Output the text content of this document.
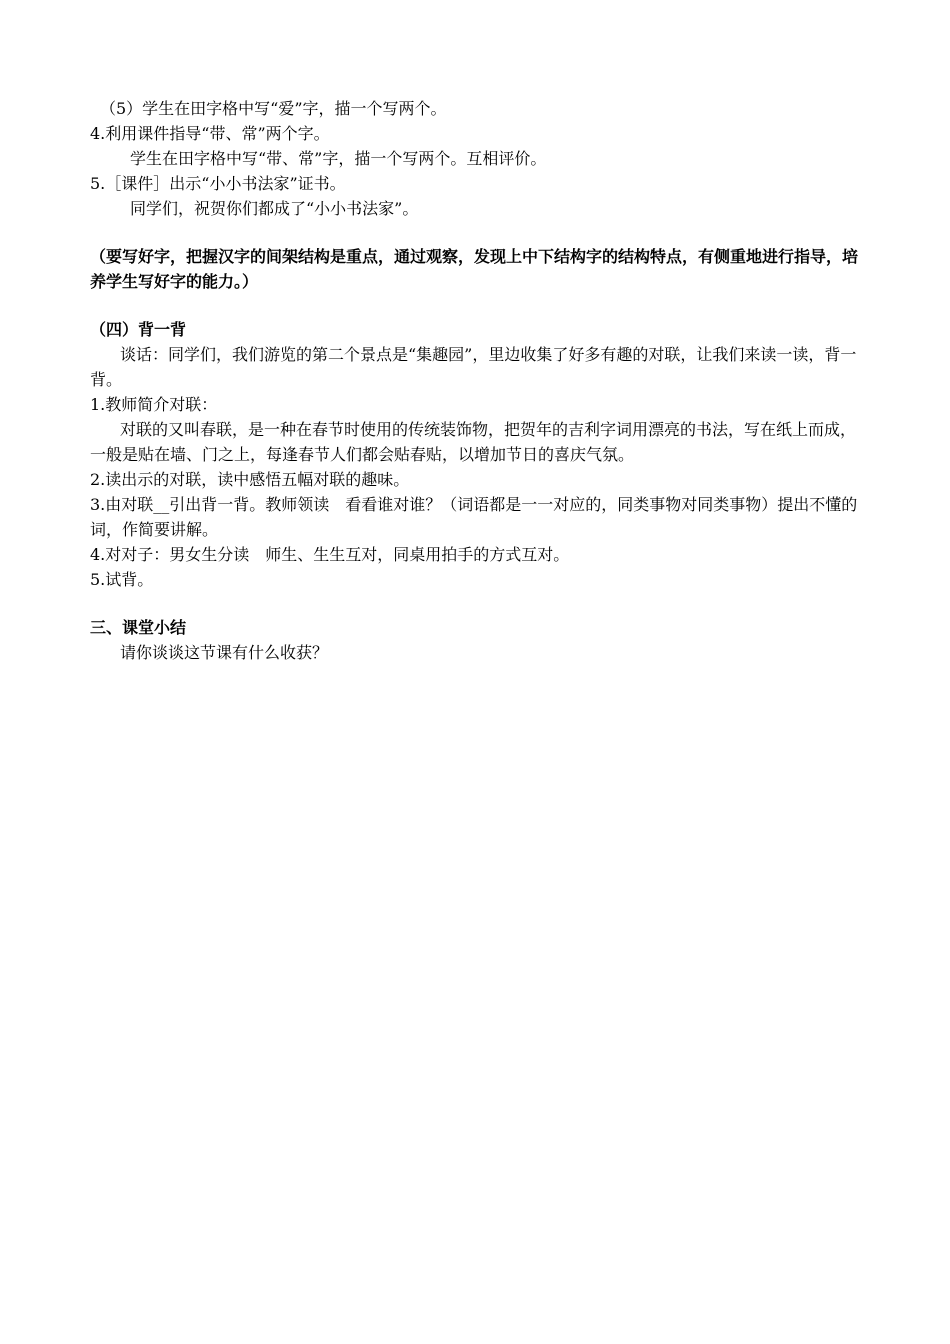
（5）学生在田字格中写“爱”字，描一个写两个。
4.利用课件指导“带、常”两个字。
学生在田字格中写“带、常”字，描一个写两个。互相评价。
5.［课件］出示“小小书法家”证书。
同学们，祝贺你们都成了“小小书法家”。
（要写好字，把握汉字的间架结构是重点，通过观察，发现上中下结构字的结构特点，有侧重地进行指导，培养学生写好字的能力。）
（四）背一背
谈话：同学们，我们游览的第二个景点是“集趣园”，里边收集了好多有趣的对联，让我们来读一读，背一背。
1.教师简介对联：
对联的又叫春联，是一种在春节时使用的传统装饰物，把贺年的吉利字词用漂亮的书法，写在纸上而成，一般是贴在墙、门之上，每逢春节人们都会贴春贴，以增加节日的喜庆气氛。
2.读出示的对联，读中感悟五幅对联的趣味。
3.由对联__引出背一背。教师领读　看看谁对谁？（词语都是一一对应的，同类事物对同类事物）提出不懂的词，作简要讲解。
4.对对子：男女生分读　师生、生生互对，同桌用拍手的方式互对。
5.试背。
三、课堂小结
请你谈谈这节课有什么收获？
